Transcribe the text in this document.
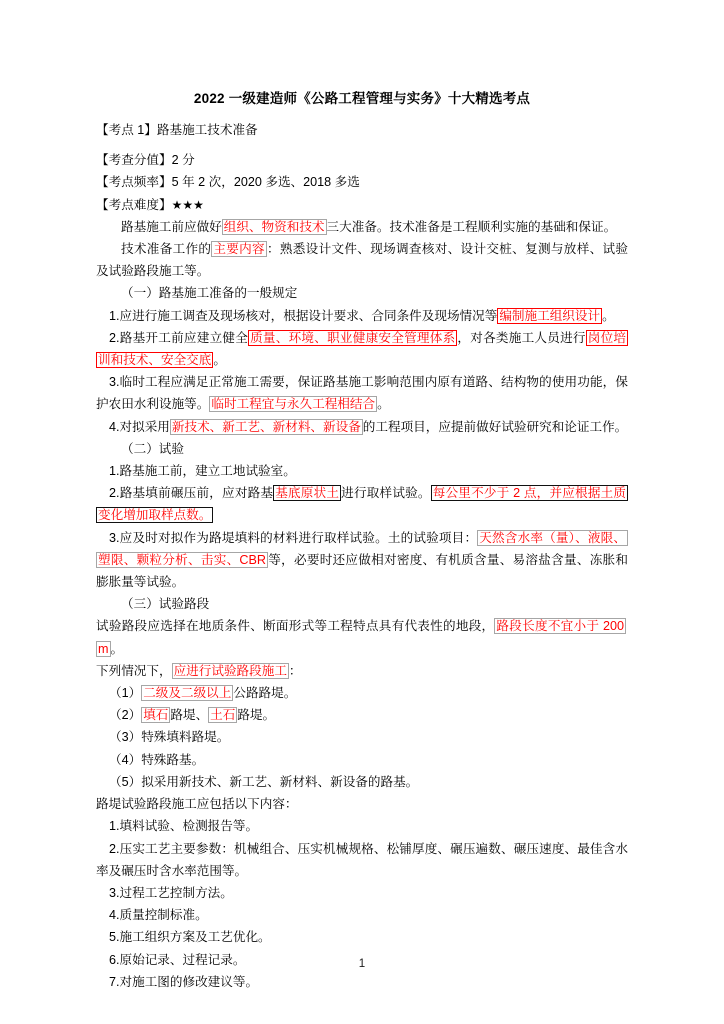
2022 一级建造师《公路工程管理与实务》十大精选考点

【考点 1】路基施工技术准备

【考查分值】2 分

【考点频率】5 年 2 次，2020 多选、2018 多选

【考点难度】★★★

路基施工前应做好 组织、物资和技术 三大准备。技术准备是工程顺利实施的基础和保证。

技术准备工作的 主要内容 ：熟悉设计文件、现场调查核对、设计交桩、复测与放样、试验及试验路段施工等。

（一）路基施工准备的一般规定

1.应进行施工调查及现场核对，根据设计要求、合同条件及现场情况等 编制施工组织设计 。

2.路基开工前应建立健全 质量、环境、职业健康安全管理体系 ，对各类施工人员进行 岗位培训和技术、安全交底 。

3.临时工程应满足正常施工需要，保证路基施工影响范围内原有道路、结构物的使用功能，保护农田水利设施等。 临时工程宜与永久工程相结合 。

4.对拟采用 新技术、新工艺、新材料、新设备 的工程项目，应提前做好试验研究和论证工作。

（二）试验

1.路基施工前，建立工地试验室。

2.路基填前碾压前，应对路基 基底原状土 进行取样试验。 每公里不少于 2 点，并应根据土质变化增加取样点数。

3.应及时对拟作为路堤填料的材料进行取样试验。土的试验项目： 天然含水率（量）、液限、塑限、颗粒分析、击实、CBR 等，必要时还应做相对密度、有机质含量、易溶盐含量、冻胀和膨胀量等试验。

（三）试验路段

试验路段应选择在地质条件、断面形式等工程特点具有代表性的地段， 路段长度不宜小于 200m 。

下列情况下， 应进行试验路段施工 ：

（1） 二级及二级以上 公路路堤。

（2） 填石 路堤、 土石 路堤。

（3）特殊填料路堤。

（4）特殊路基。

（5）拟采用新技术、新工艺、新材料、新设备的路基。

路堤试验路段施工应包括以下内容：

1.填料试验、检测报告等。

2.压实工艺主要参数：机械组合、压实机械规格、松铺厚度、碾压遍数、碾压速度、最佳含水率及碾压时含水率范围等。

3.过程工艺控制方法。

4.质量控制标准。

5.施工组织方案及工艺优化。

6.原始记录、过程记录。

7.对施工图的修改建议等。

1
